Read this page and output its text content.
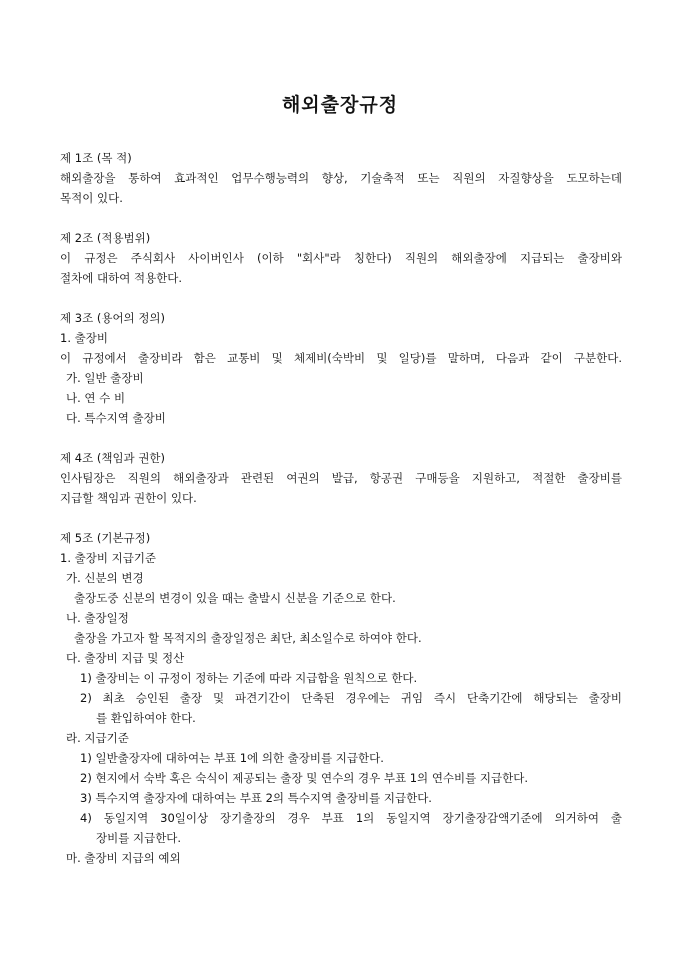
해외출장규정
제 1조 (목 적)
해외출장을 통하여 효과적인 업무수행능력의 향상, 기술축적 또는 직원의 자질향상을 도모하는데
목적이 있다.
제 2조 (적용범위)
이 규정은 주식회사 사이버인사 (이하 "회사"라 칭한다) 직원의 해외출장에 지급되는 출장비와
절차에 대하여 적용한다.
제 3조 (용어의 정의)
1. 출장비
이 규정에서 출장비라 함은 교통비 및 체제비(숙박비 및 일당)를 말하며, 다음과 같이 구분한다.
가. 일반 출장비
나. 연 수 비
다. 특수지역 출장비
제 4조 (책임과 권한)
인사팀장은 직원의 해외출장과 관련된 여권의 발급, 항공권 구매등을 지원하고, 적절한 출장비를
지급할 책임과 권한이 있다.
제 5조 (기본규정)
1. 출장비 지급기준
가. 신분의 변경
출장도중 신분의 변경이 있을 때는 출발시 신분을 기준으로 한다.
나. 출장일정
출장을 가고자 할 목적지의 출장일정은 최단, 최소일수로 하여야 한다.
다. 출장비 지급 및 정산
1) 출장비는 이 규정이 정하는 기준에 따라 지급함을 원칙으로 한다.
2) 최초 승인된 출장 및 파견기간이 단축된 경우에는 귀임 즉시 단축기간에 해당되는 출장비
를 환입하여야 한다.
라. 지급기준
1) 일반출장자에 대하여는 부표 1에 의한 출장비를 지급한다.
2) 현지에서 숙박 혹은 숙식이 제공되는 출장 및 연수의 경우 부표 1의 연수비를 지급한다.
3) 특수지역 출장자에 대하여는 부표 2의 특수지역 출장비를 지급한다.
4) 동일지역 30일이상 장기출장의 경우 부표 1의 동일지역 장기출장감액기준에 의거하여 출
장비를 지급한다.
마. 출장비 지급의 예외
